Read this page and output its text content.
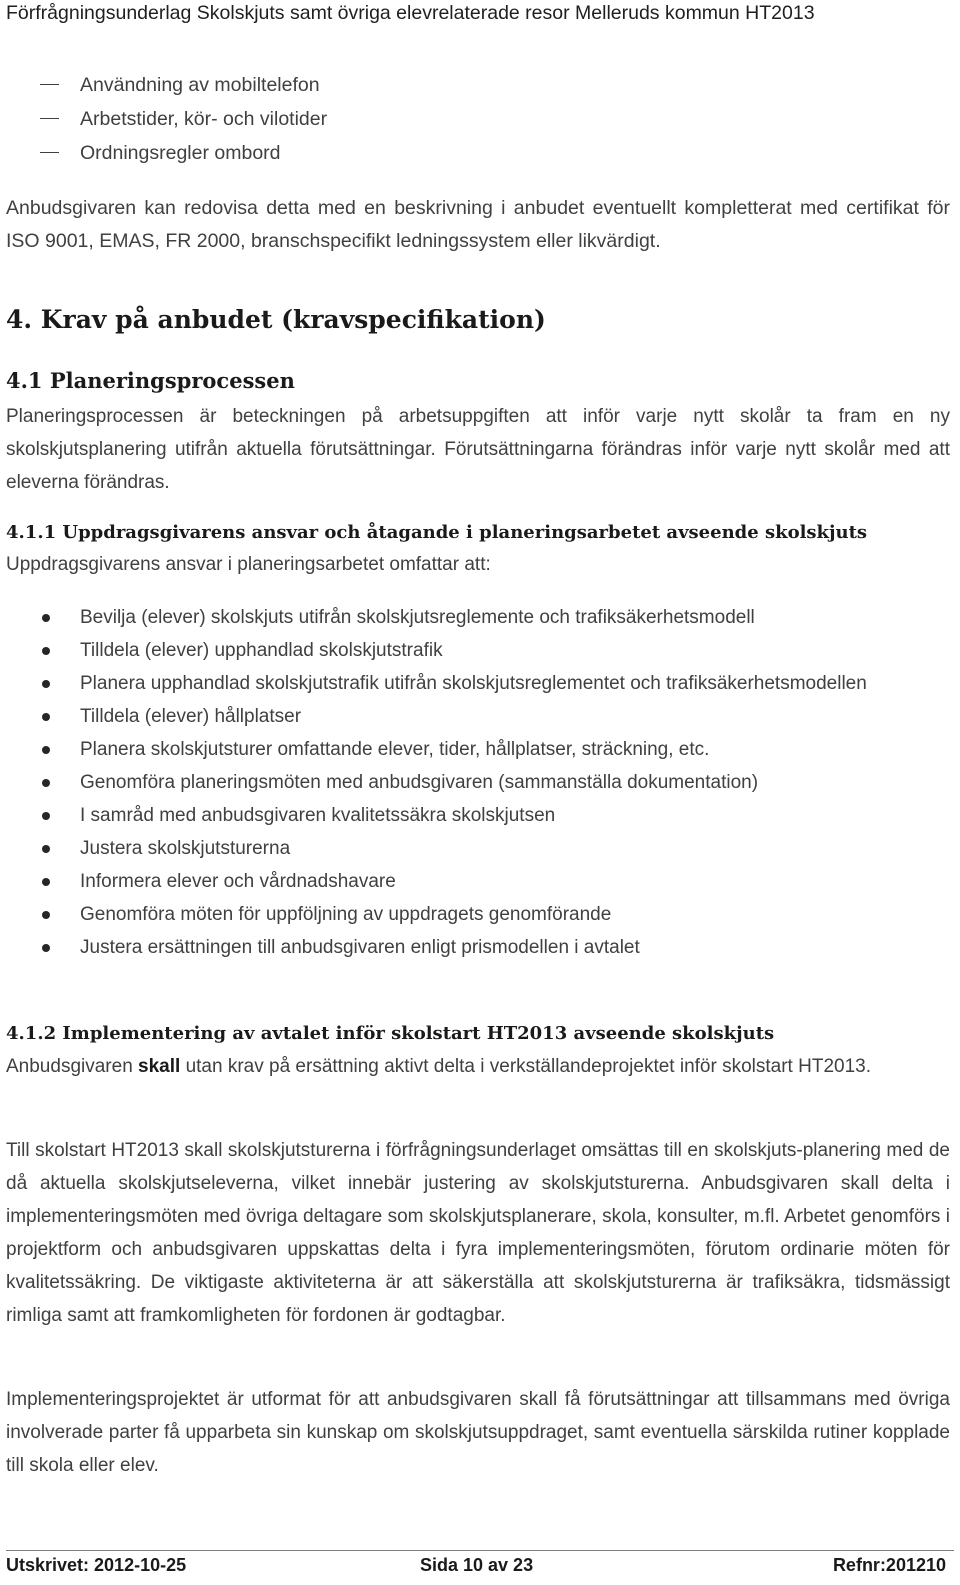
Förfrågningsunderlag Skolskjuts samt övriga elevrelaterade resor Melleruds kommun HT2013
Användning av mobiltelefon
Arbetstider, kör- och vilotider
Ordningsregler ombord
Anbudsgivaren kan redovisa detta med en beskrivning i anbudet eventuellt kompletterat med certifikat för ISO 9001, EMAS, FR 2000, branschspecifikt ledningssystem eller likvärdigt.
4. Krav på anbudet (kravspecifikation)
4.1 Planeringsprocessen
Planeringsprocessen är beteckningen på arbetsuppgiften att inför varje nytt skolår ta fram en ny skolskjutsplanering utifrån aktuella förutsättningar. Förutsättningarna förändras inför varje nytt skolår med att eleverna förändras.
4.1.1 Uppdragsgivarens ansvar och åtagande i planeringsarbetet avseende skolskjuts
Uppdragsgivarens ansvar i planeringsarbetet omfattar att:
Bevilja (elever) skolskjuts utifrån skolskjutsreglemente och trafiksäkerhetsmodell
Tilldela (elever) upphandlad skolskjutstrafik
Planera upphandlad skolskjutstrafik utifrån skolskjutsreglementet och trafiksäkerhetsmodellen
Tilldela (elever) hållplatser
Planera skolskjutsturer omfattande elever, tider, hållplatser, sträckning, etc.
Genomföra planeringsmöten med anbudsgivaren (sammanställa dokumentation)
I samråd med anbudsgivaren kvalitetssäkra skolskjutsen
Justera skolskjutsturerna
Informera elever och vårdnadshavare
Genomföra möten för uppföljning av uppdragets genomförande
Justera ersättningen till anbudsgivaren enligt prismodellen i avtalet
4.1.2 Implementering av avtalet inför skolstart HT2013 avseende skolskjuts
Anbudsgivaren skall utan krav på ersättning aktivt delta i verkställandeprojektet inför skolstart HT2013.
Till skolstart HT2013 skall skolskjutsturerna i förfrågningsunderlaget omsättas till en skolskjuts-planering med de då aktuella skolskjutseleverna, vilket innebär justering av skolskjutsturerna. Anbudsgivaren skall delta i implementeringsmöten med övriga deltagare som skolskjutsplanerare, skola, konsulter, m.fl. Arbetet genomförs i projektform och anbudsgivaren uppskattas delta i fyra implementeringsmöten, förutom ordinarie möten för kvalitetssäkring. De viktigaste aktiviteterna är att säkerställa att skolskjutsturerna är trafiksäkra, tidsmässigt rimliga samt att framkomligheten för fordonen är godtagbar.
Implementeringsprojektet är utformat för att anbudsgivaren skall få förutsättningar att tillsammans med övriga involverade parter få upparbeta sin kunskap om skolskjutsuppdraget, samt eventuella särskilda rutiner kopplade till skola eller elev.
Utskrivet: 2012-10-25	Sida 10 av 23	Refnr:201210
